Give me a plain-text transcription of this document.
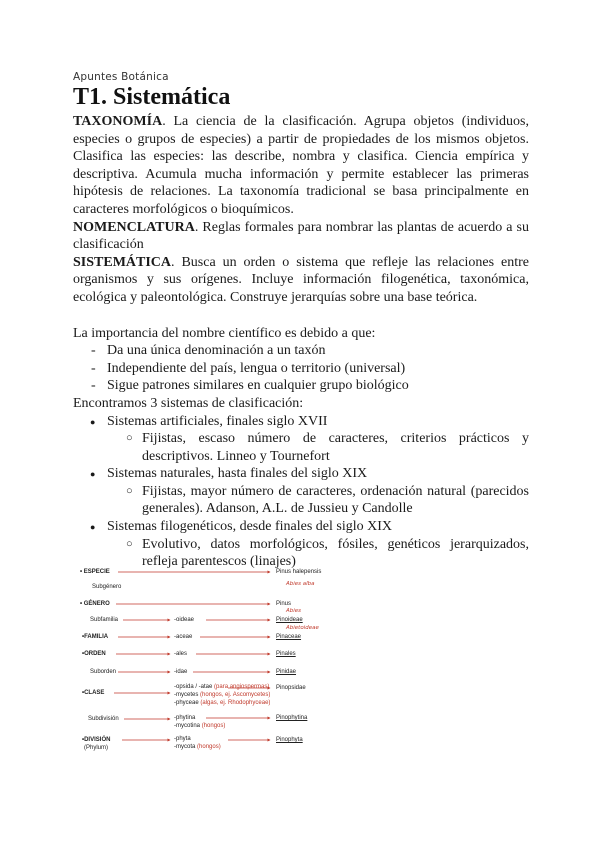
Apuntes Botánica
T1. Sistemática

TAXONOMÍA. La ciencia de la clasificación. Agrupa objetos (individuos, especies o grupos de especies) a partir de propiedades de los mismos objetos. Clasifica las especies: las describe, nombra y clasifica. Ciencia empírica y descriptiva. Acumula mucha información y permite establecer las primeras hipótesis de relaciones. La taxonomía tradicional se basa principalmente en caracteres morfológicos o bioquímicos.

NOMENCLATURA. Reglas formales para nombrar las plantas de acuerdo a su clasificación

SISTEMÁTICA. Busca un orden o sistema que refleje las relaciones entre organismos y sus orígenes. Incluye información filogenética, taxonómica, ecológica y paleontológica. Construye jerarquías sobre una base teórica.

La importancia del nombre científico es debido a que:

- Da una única denominación a un taxón
- Independiente del país, lengua o territorio (universal)
- Sigue patrones similares en cualquier grupo biológico

Encontramos 3 sistemas de clasificación:

● Sistemas artificiales, finales siglo XVII
○ Fijistas, escaso número de caracteres, criterios prácticos y descriptivos. Linneo y Tournefort
● Sistemas naturales, hasta finales del siglo XIX
○ Fijistas, mayor número de caracteres, ordenación natural (parecidos generales). Adanson, A.L. de Jussieu y Candolle
● Sistemas filogenéticos, desde finales del siglo XIX
○ Evolutivo, datos morfológicos, fósiles, genéticos jerarquizados, refleja parentescos (linajes)
• ESPECIE
Subgénero
• GÉNERO
Subfamilia
•FAMILIA
•ORDEN
Suborden
•CLASE
Subdivisión
•DIVISIÓN
(Phylum)
-oideae
-aceae
-ales
-idae
-opsida / -atae (para angiospermas)
-mycetes (hongos, ej. Ascomycetes)
-phyceae (algas, ej. Rhodophyceae)
-phytina
-mycotina (hongos)
-phyta
-mycota (hongos)
Pinus halepensis
Abies alba
Pinus
Abies
Pinoideae
Abietoideae
Pinaceae
Pinales
Pinidae
Pinopsidae
Pinophytina
Pinophyta
